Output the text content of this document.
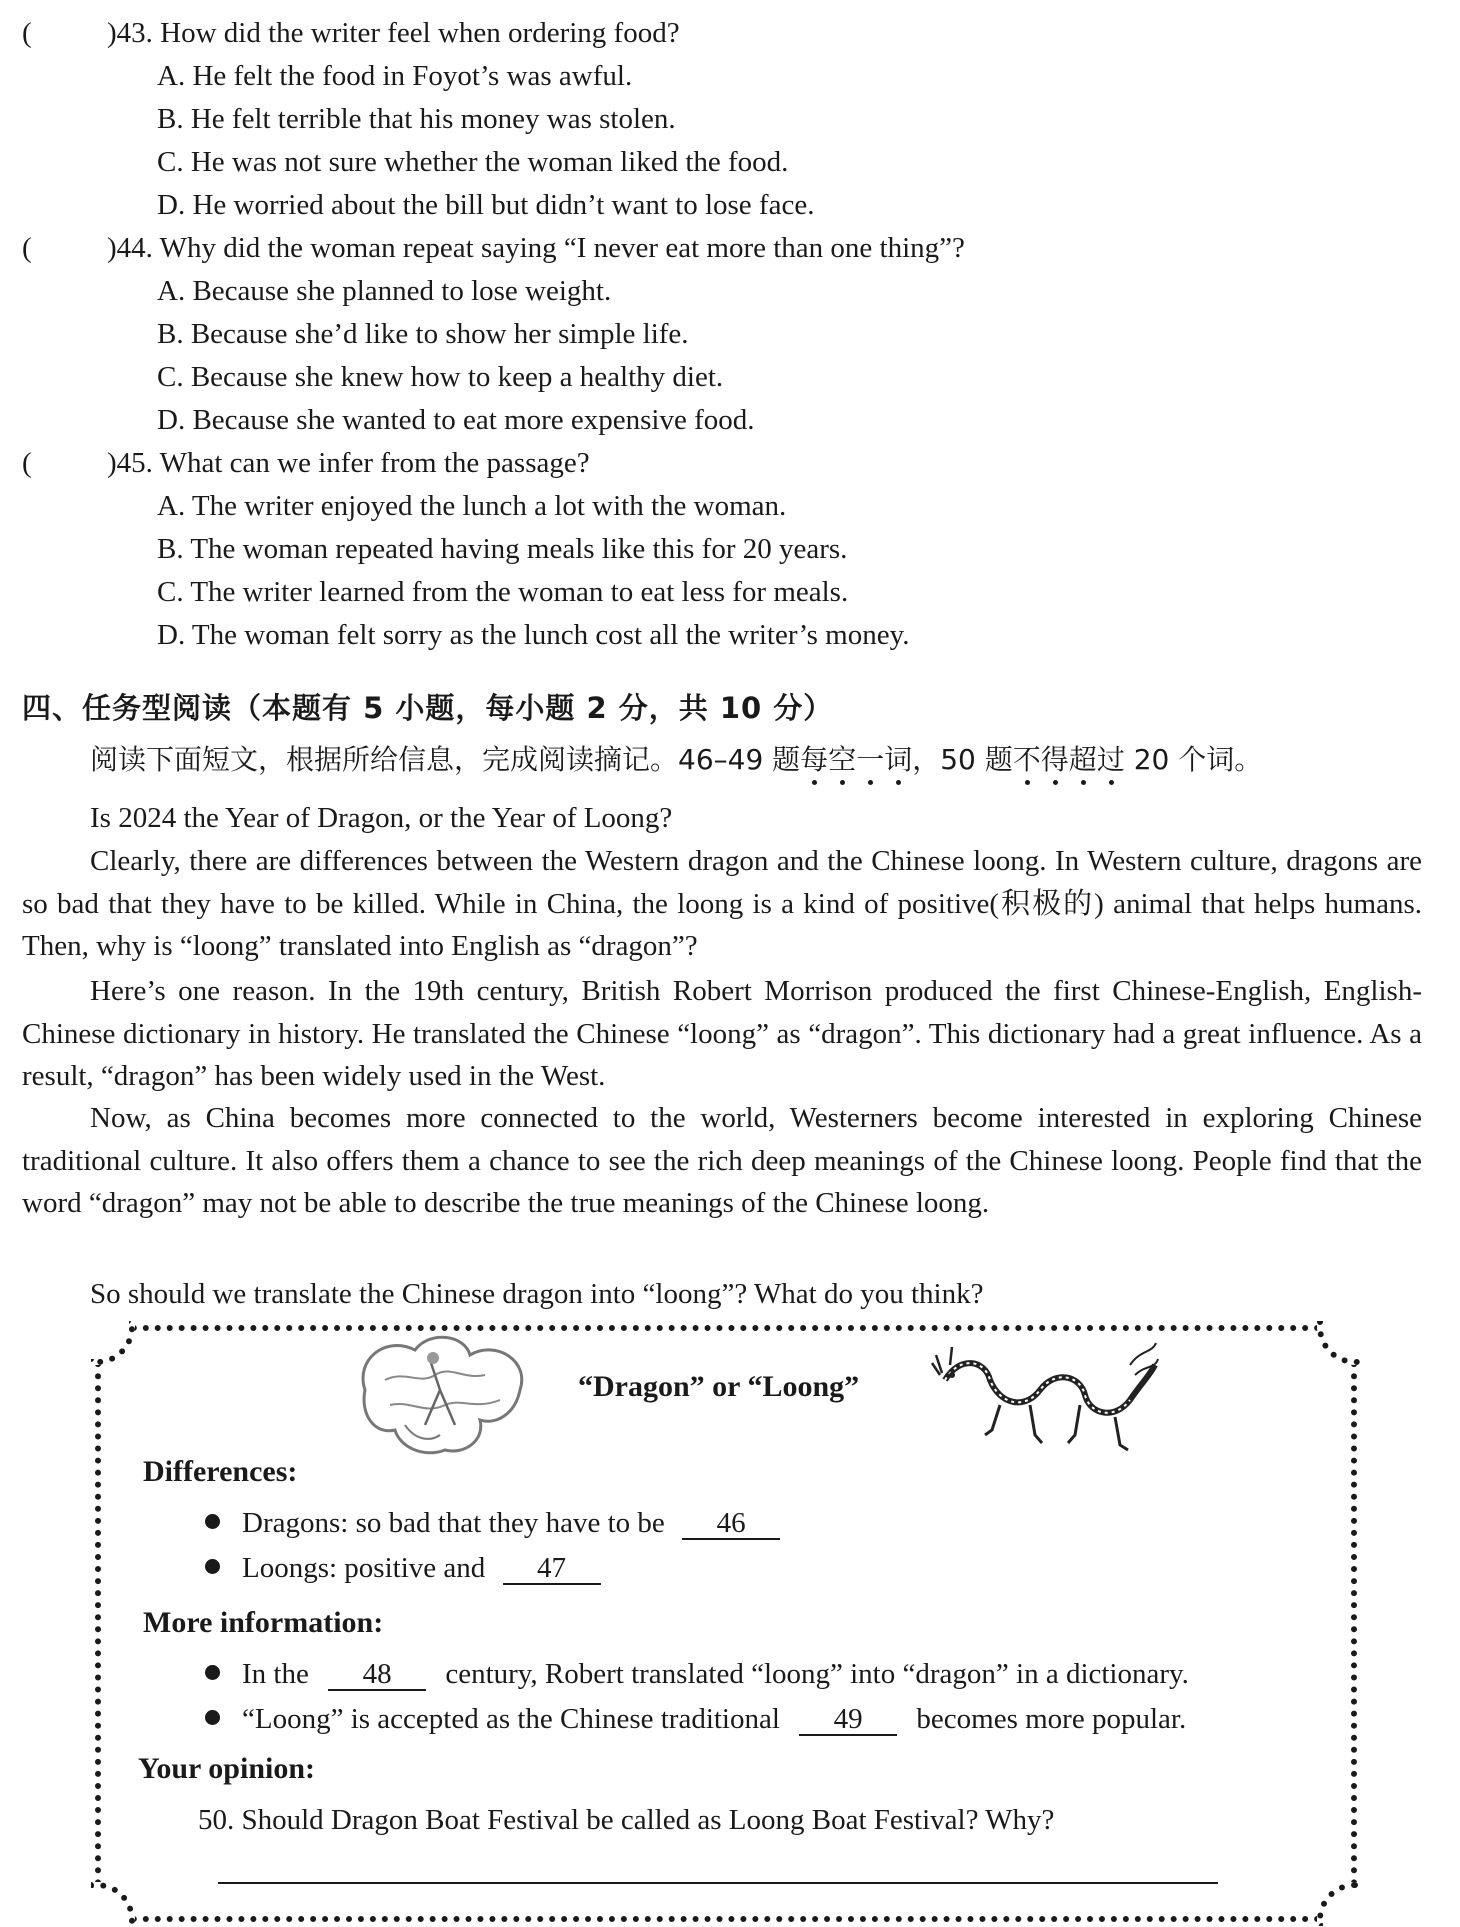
(	)43. How did the writer feel when ordering food?
A. He felt the food in Foyot’s was awful.
B. He felt terrible that his money was stolen.
C. He was not sure whether the woman liked the food.
D. He worried about the bill but didn’t want to lose face.
(	)44. Why did the woman repeat saying “I never eat more than one thing”?
A. Because she planned to lose weight.
B. Because she’d like to show her simple life.
C. Because she knew how to keep a healthy diet.
D. Because she wanted to eat more expensive food.
(	)45. What can we infer from the passage?
A. The writer enjoyed the lunch a lot with the woman.
B. The woman repeated having meals like this for 20 years.
C. The writer learned from the woman to eat less for meals.
D. The woman felt sorry as the lunch cost all the writer’s money.
四、任务型阅读（本题有 5 小题，每小题 2 分，共 10 分）
阅读下面短文，根据所给信息，完成阅读摘记。46–49 题每空一词，50 题不得超过 20 个词。
Is 2024 the Year of Dragon, or the Year of Loong?

Clearly, there are differences between the Western dragon and the Chinese loong. In Western culture, dragons are so bad that they have to be killed. While in China, the loong is a kind of positive(积极的) animal that helps humans. Then, why is “loong” translated into English as “dragon”?

Here’s one reason. In the 19th century, British Robert Morrison produced the first Chinese-English, English-Chinese dictionary in history. He translated the Chinese “loong” as “dragon”. This dictionary had a great influence. As a result, “dragon” has been widely used in the West.

Now, as China becomes more connected to the world, Westerners become interested in exploring Chinese traditional culture. It also offers them a chance to see the rich deep meanings of the Chinese loong. People find that the word “dragon” may not be able to describe the true meanings of the Chinese loong.

So should we translate the Chinese dragon into “loong”? What do you think?
“Dragon” or “Loong”
Differences:
Dragons: so bad that they have to be 46
Loongs: positive and 47
More information:
In the 48 century, Robert translated “loong” into “dragon” in a dictionary.
“Loong” is accepted as the Chinese traditional 49 becomes more popular.
Your opinion:
50. Should Dragon Boat Festival be called as Loong Boat Festival? Why?
